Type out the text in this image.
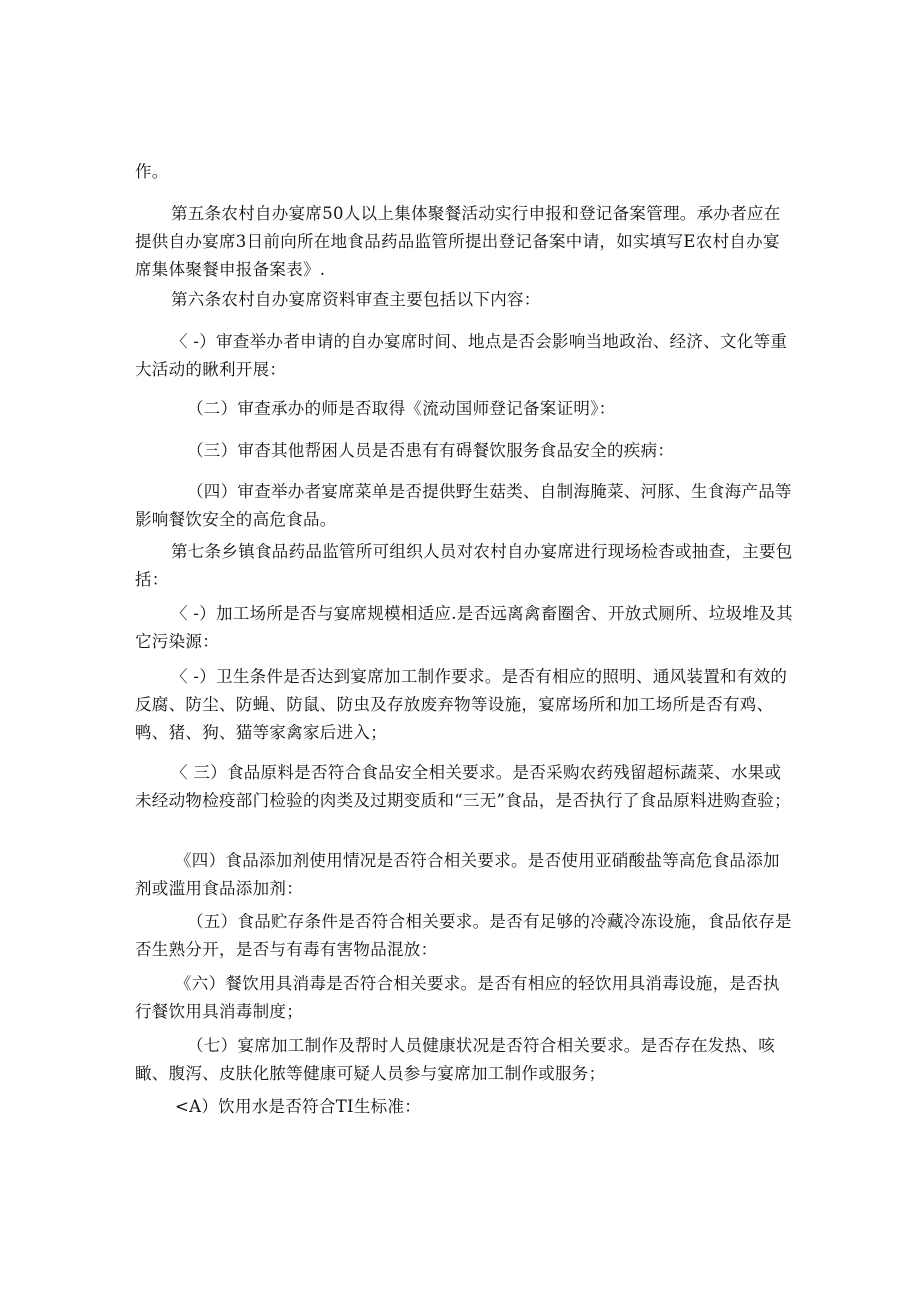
作。

第五条农村自办宴席50人以上集体聚餐活动实行申报和登记备案管理。承办者应在提供自办宴席3日前向所在地食品药品监管所提出登记备案中请，如实填写E农村自办宴席集体聚餐申报备案表》.

第六条农村自办宴席资料审查主要包括以下内容：

〈 -）审查举办者申请的自办宴席时间、地点是否会影响当地政治、经济、文化等重大活动的瞅利开展：

（二）审查承办的师是否取得《流动国师登记备案证明》：

（三）审杳其他帮困人员是否患有有碍餐饮服务食品安全的疾病：

（四）审查举办者宴席菜单是否提供野生菇类、自制海腌菜、河豚、生食海产品等影响餐饮安全的高危食品。

第七条乡镇食品药品监管所可组织人员对农村自办宴席进行现场检杳或抽查，主要包括：

〈 -）加工场所是否与宴席规模相适应.是否远离禽畜圈舍、开放式厕所、垃圾堆及其它污染源：

〈 -）卫生条件是否达到宴席加工制作要求。是否有相应的照明、通风装置和有效的反腐、防尘、防蝇、防鼠、防虫及存放废弃物等设施，宴席场所和加工场所是否有鸡、鸭、猪、狗、猫等家禽家后进入；

〈 三）食品原料是否符合食品安全相关要求。是否采购农药残留超标蔬菜、水果或未经动物检疫部门检验的肉类及过期变质和“三无”食品，是否执行了食品原料进购查验；

《四）食品添加剂使用情况是否符合相关要求。是否使用亚硝酸盐等高危食品添加剂或滥用食品添加剂：

（五）食品贮存条件是否符合相关要求。是否有足够的冷藏冷冻设施，食品依存是否生熟分开，是否与有毒有害物品混放：

《六）餐饮用具消毒是否符合相关要求。是否有相应的轻饮用具消毒设施，是否执行餐饮用具消毒制度；

（七）宴席加工制作及帮时人员健康状况是否符合相关要求。是否存在发热、咳瞰、腹泻、皮肤化脓等健康可疑人员参与宴席加工制作或服务；

<A）饮用水是否符合TI生标准：
